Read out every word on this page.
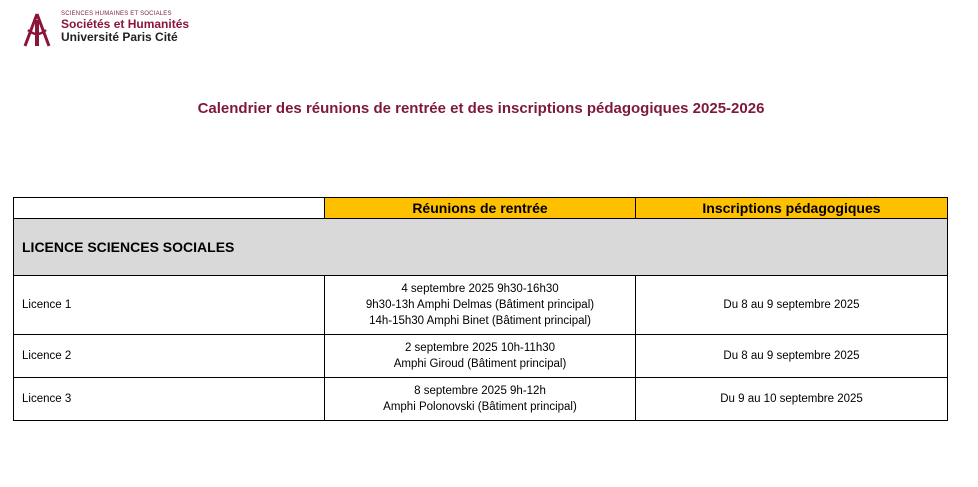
SCIENCES HUMAINES ET SOCIALES
Sociétés et Humanités
Université Paris Cité
Calendrier des réunions de rentrée et des inscriptions pédagogiques 2025-2026
	Réunions de rentrée	Inscriptions pédagogiques
LICENCE SCIENCES SOCIALES		
Licence 1	4 septembre 2025 9h30-16h30
9h30-13h Amphi Delmas (Bâtiment principal)
14h-15h30 Amphi Binet (Bâtiment principal)	Du 8 au 9 septembre 2025
Licence 2	2 septembre 2025 10h-11h30
Amphi Giroud (Bâtiment principal)	Du 8 au 9 septembre 2025
Licence 3	8 septembre 2025 9h-12h
Amphi Polonovski (Bâtiment principal)	Du 9 au 10 septembre 2025
